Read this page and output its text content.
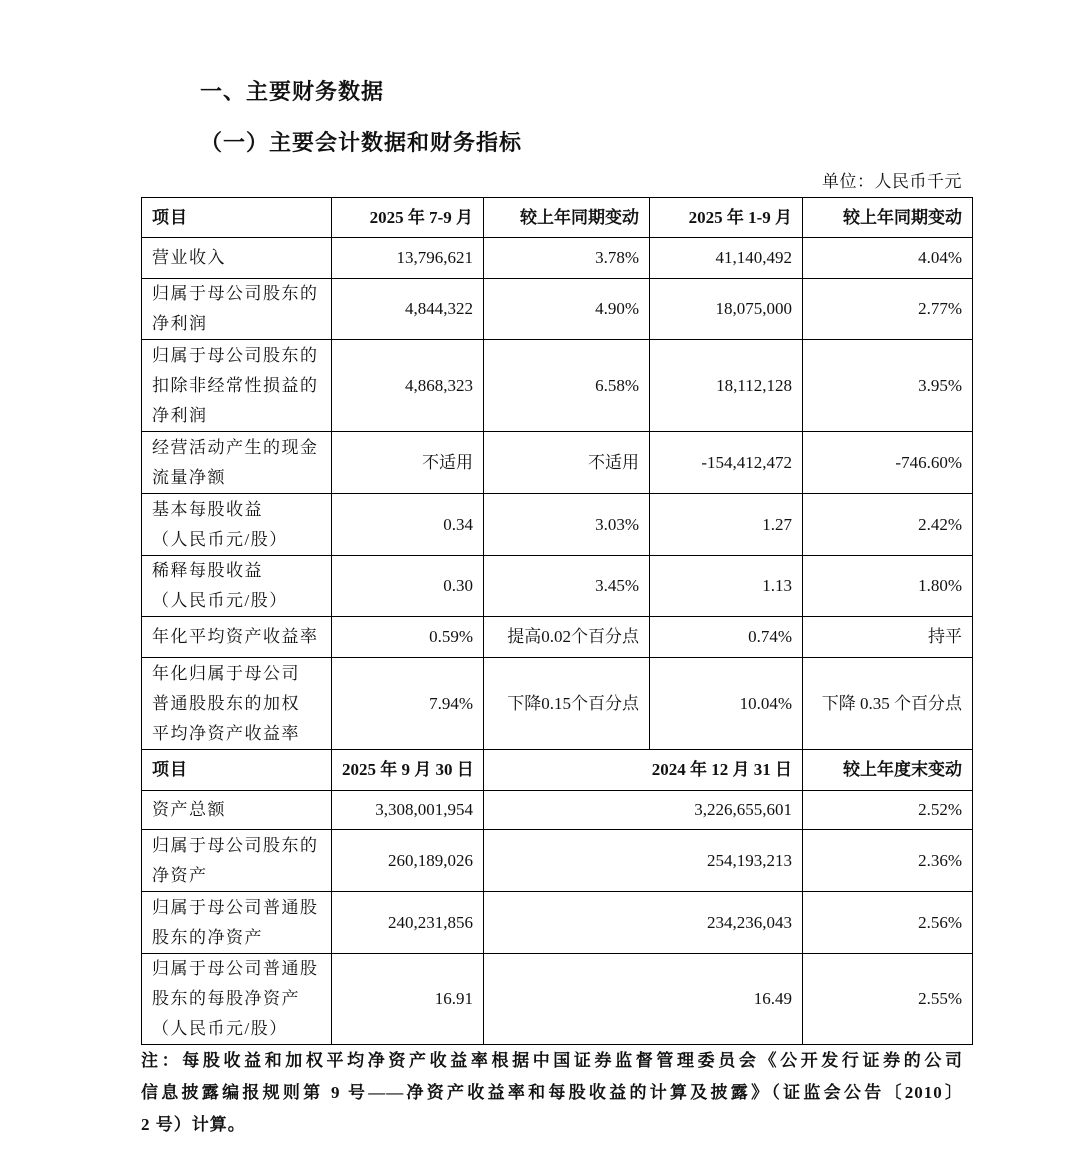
一、主要财务数据
（一）主要会计数据和财务指标
单位：人民币千元
项目	2025 年 7-9 月	较上年同期变动	2025 年 1-9 月	较上年同期变动

营业收入	13,796,621	3.78%	41,140,492	4.04%

归属于母公司股东的
净利润	4,844,322	4.90%	18,075,000	2.77%

归属于母公司股东的
扣除非经常性损益的
净利润	4,868,323	6.58%	18,112,128	3.95%

经营活动产生的现金
流量净额	不适用	不适用	-154,412,472	-746.60%

基本每股收益
（人民币元/股）	0.34	3.03%	1.27	2.42%

稀释每股收益
（人民币元/股）	0.30	3.45%	1.13	1.80%

年化平均资产收益率	0.59%	提高0.02个百分点	0.74%	持平

年化归属于母公司
普通股股东的加权
平均净资产收益率	7.94%	下降0.15个百分点	10.04%	下降 0.35 个百分点
项目	2025 年 9 月 30 日	2024 年 12 月 31 日		较上年度末变动

资产总额	3,308,001,954	3,226,655,601		2.52%

归属于母公司股东的
净资产	260,189,026	254,193,213		2.36%

归属于母公司普通股
股东的净资产	240,231,856	234,236,043		2.56%

归属于母公司普通股
股东的每股净资产
（人民币元/股）	16.91	16.49		2.55%
注：每股收益和加权平均净资产收益率根据中国证券监督管理委员会《公开发行证券的公司
信息披露编报规则第 9 号——净资产收益率和每股收益的计算及披露》（证监会公告〔2010〕
2 号）计算。
